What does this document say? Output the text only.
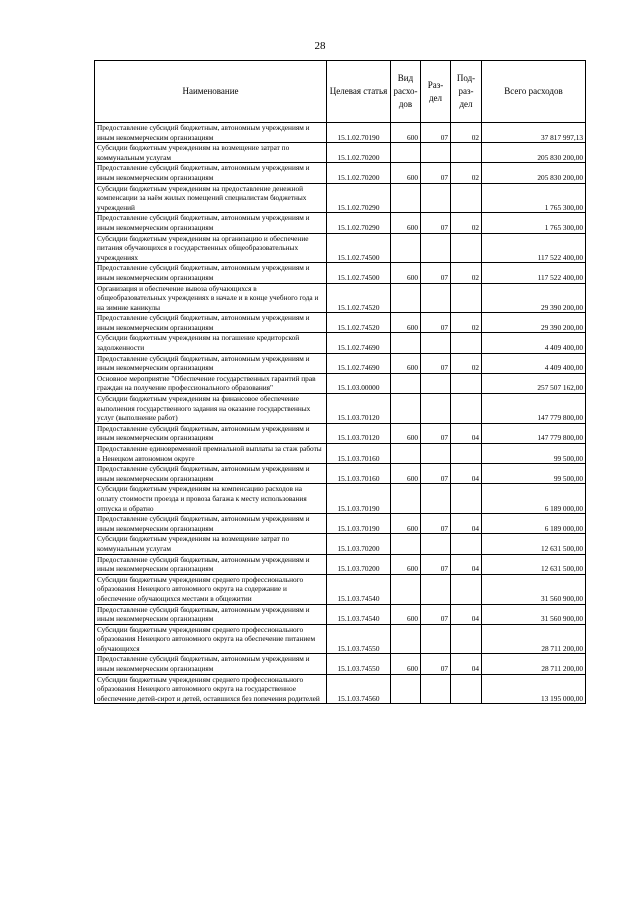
28
Наименование	Целевая статья	Вид расхо-дов	Раз-дел	Под-раз-дел	Всего расходов
Предоставление субсидий бюджетным, автономным учреждениям и иным некоммерческим организациям	15.1.02.70190	600	07	02	37 817 997,13
Субсидии бюджетным учреждениям на возмещение затрат по коммунальным услугам	15.1.02.70200				205 830 200,00
Предоставление субсидий бюджетным, автономным учреждениям и иным некоммерческим организациям	15.1.02.70200	600	07	02	205 830 200,00
Субсидии бюджетным учреждениям на предоставление денежной компенсации за наём жилых помещений специалистам бюджетных учреждений	15.1.02.70290				1 765 300,00
Предоставление субсидий бюджетным, автономным учреждениям и иным некоммерческим организациям	15.1.02.70290	600	07	02	1 765 300,00
Субсидии бюджетным учреждениям на организацию и обеспечение питания обучающихся в государственных общеобразовательных учреждениях	15.1.02.74500				117 522 400,00
Предоставление субсидий бюджетным, автономным учреждениям и иным некоммерческим организациям	15.1.02.74500	600	07	02	117 522 400,00
Организация и обеспечение вывоза обучающихся в общеобразовательных учреждениях в начале и в конце учебного года и на зимние каникулы	15.1.02.74520				29 390 200,00
Предоставление субсидий бюджетным, автономным учреждениям и иным некоммерческим организациям	15.1.02.74520	600	07	02	29 390 200,00
Субсидии бюджетным учреждениям на погашение кредиторской задолженности	15.1.02.74690				4 409 400,00
Предоставление субсидий бюджетным, автономным учреждениям и иным некоммерческим организациям	15.1.02.74690	600	07	02	4 409 400,00
Основное мероприятие "Обеспечение государственных гарантий прав граждан на получение профессионального образования"	15.1.03.00000				257 507 162,00
Субсидии бюджетным учреждениям на финансовое обеспечение выполнения государственного задания на оказание государственных услуг (выполнение работ)	15.1.03.70120				147 779 800,00
Предоставление субсидий бюджетным, автономным учреждениям и иным некоммерческим организациям	15.1.03.70120	600	07	04	147 779 800,00
Предоставление единовременной премиальной выплаты за стаж работы в Ненецком автономном округе	15.1.03.70160				99 500,00
Предоставление субсидий бюджетным, автономным учреждениям и иным некоммерческим организациям	15.1.03.70160	600	07	04	99 500,00
Субсидии бюджетным учреждениям на компенсацию расходов на оплату стоимости проезда и провоза багажа к месту использования отпуска и обратно	15.1.03.70190				6 189 000,00
Предоставление субсидий бюджетным, автономным учреждениям и иным некоммерческим организациям	15.1.03.70190	600	07	04	6 189 000,00
Субсидии бюджетным учреждениям на возмещение затрат по коммунальным услугам	15.1.03.70200				12 631 500,00
Предоставление субсидий бюджетным, автономным учреждениям и иным некоммерческим организациям	15.1.03.70200	600	07	04	12 631 500,00
Субсидии бюджетным учреждениям среднего профессионального образования Ненецкого автономного округа на содержание и обеспечение обучающихся местами в общежитии	15.1.03.74540				31 560 900,00
Предоставление субсидий бюджетным, автономным учреждениям и иным некоммерческим организациям	15.1.03.74540	600	07	04	31 560 900,00
Субсидии бюджетным учреждениям среднего профессионального образования Ненецкого автономного округа на обеспечение питанием обучающихся	15.1.03.74550				28 711 200,00
Предоставление субсидий бюджетным, автономным учреждениям и иным некоммерческим организациям	15.1.03.74550	600	07	04	28 711 200,00
Субсидии бюджетным учреждениям среднего профессионального образования Ненецкого автономного округа на государственное обеспечение детей-сирот и детей, оставшихся без попечения родителей	15.1.03.74560				13 195 000,00
